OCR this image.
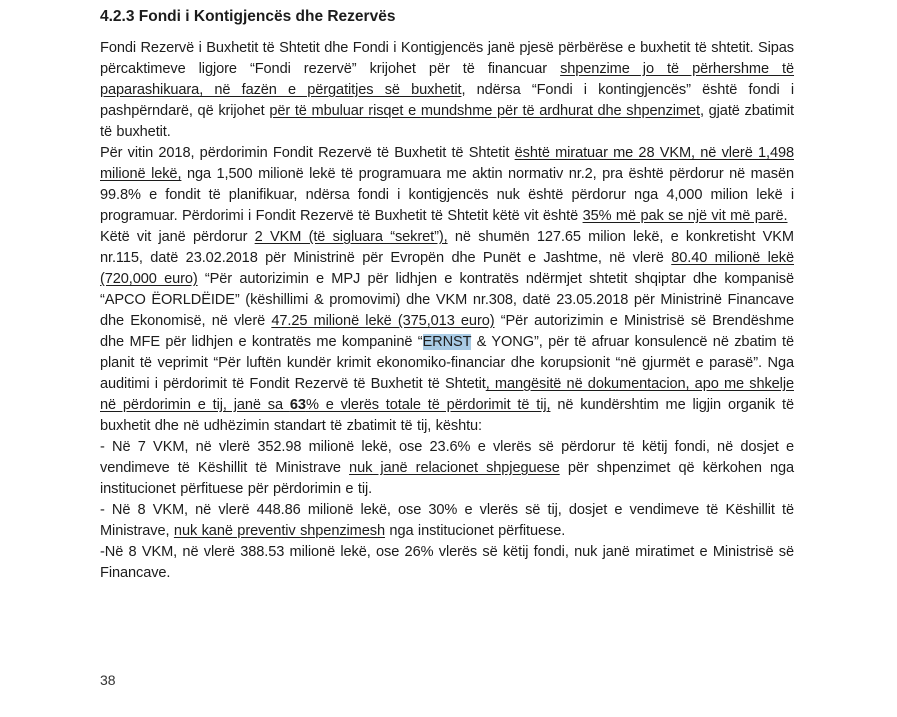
4.2.3 Fondi i Kontigjencës dhe Rezervës

Fondi Rezervë i Buxhetit të Shtetit dhe Fondi i Kontigjencës janë pjesë përbërëse e buxhetit të shtetit. Sipas përcaktimeve ligjore “Fondi rezervë” krijohet për të financuar shpenzime jo të përhershme të paparashikuara, në fazën e përgatitjes së buxhetit, ndërsa “Fondi i kontingjencës” është fondi i pashpërndarë, që krijohet për të mbuluar risqet e mundshme për të ardhurat dhe shpenzimet, gjatë zbatimit të buxhetit.

Për vitin 2018, përdorimin Fondit Rezervë të Buxhetit të Shtetit është miratuar me 28 VKM, në vlerë 1,498 milionë lekë, nga 1,500 milionë lekë të programuara me aktin normativ nr.2, pra është përdorur në masën 99.8% e fondit të planifikuar, ndërsa fondi i kontigjencës nuk është përdorur nga 4,000 milion lekë i programuar. Përdorimi i Fondit Rezervë të Buxhetit të Shtetit këtë vit është 35% më pak se një vit më parë.

Këtë vit janë përdorur 2 VKM (të sigluara “sekret”), në shumën 127.65 milion lekë, e konkretisht VKM nr.115, datë 23.02.2018 për Ministrinë për Evropën dhe Punët e Jashtme, në vlerë 80.40 milionë lekë (720,000 euro) “Për autorizimin e MPJ për lidhjen e kontratës ndërmjet shtetit shqiptar dhe kompanisë “APCO ËORLDËIDE” (këshillimi & promovimi) dhe VKM nr.308, datë 23.05.2018 për Ministrinë Financave dhe Ekonomisë, në vlerë 47.25 milionë lekë (375,013 euro) “Për autorizimin e Ministrisë së Brendëshme dhe MFE për lidhjen e kontratës me kompaninë “ERNST & YONG”, për të afruar konsulencë në zbatim të planit të veprimit “Për luftën kundër krimit ekonomiko-financiar dhe korupsionit “në gjurmët e parasë”. Nga auditimi i përdorimit të Fondit Rezervë të Buxhetit të Shtetit, mangësitë në dokumentacion, apo me shkelje në përdorimin e tij, janë sa 63% e vlerës totale të përdorimit të tij, në kundërshtim me ligjin organik të buxhetit dhe në udhëzimin standart të zbatimit të tij, kështu:

- Në 7 VKM, në vlerë 352.98 milionë lekë, ose 23.6% e vlerës së përdorur të këtij fondi, në dosjet e vendimeve të Këshillit të Ministrave nuk janë relacionet shpjeguese për shpenzimet që kërkohen nga institucionet përfituese për përdorimin e tij.

- Në 8 VKM, në vlerë 448.86 milionë lekë, ose 30% e vlerës së tij, dosjet e vendimeve të Këshillit të Ministrave, nuk kanë preventiv shpenzimesh nga institucionet përfituese.

-Në 8 VKM, në vlerë 388.53 milionë lekë, ose 26% vlerës së këtij fondi, nuk janë miratimet e Ministrisë së Financave.

38
